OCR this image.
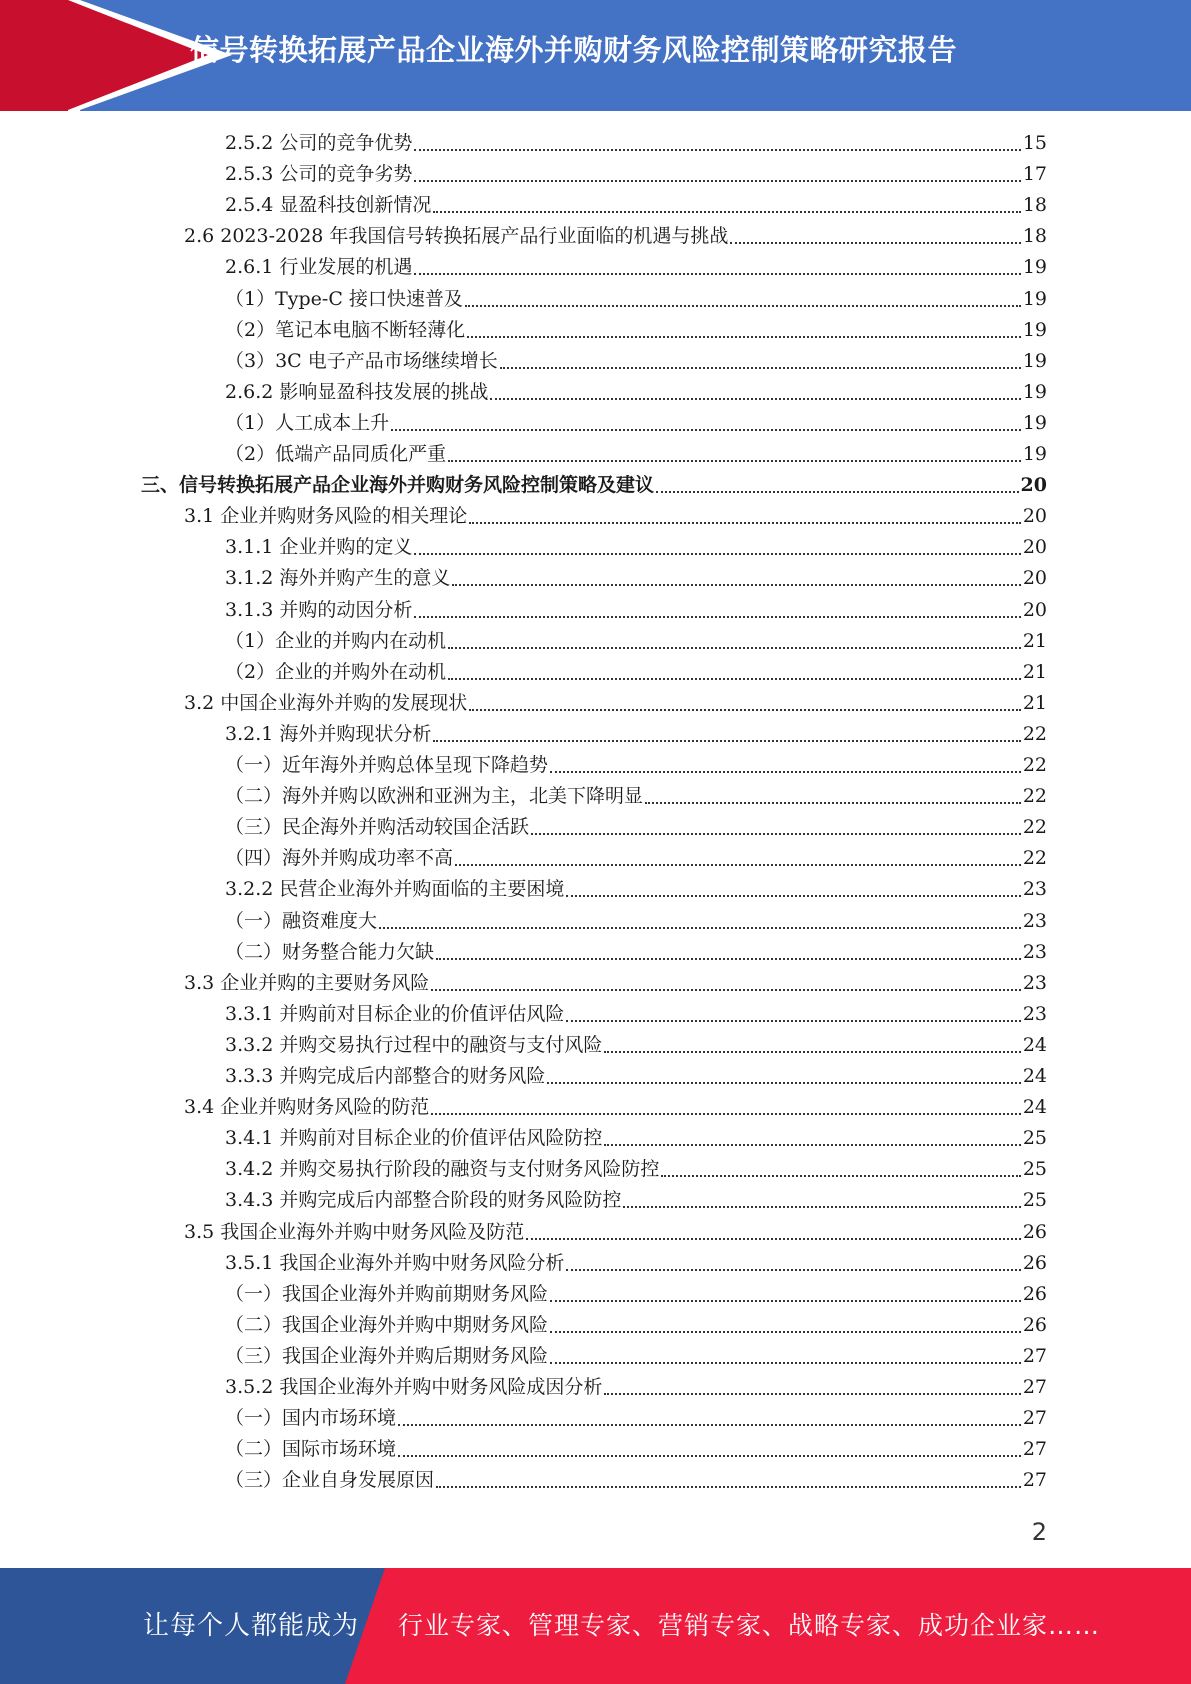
信号转换拓展产品企业海外并购财务风险控制策略研究报告
2.5.2 公司的竞争优势	15
2.5.3 公司的竞争劣势	17
2.5.4 显盈科技创新情况	18
2.6 2023-2028 年我国信号转换拓展产品行业面临的机遇与挑战	18
2.6.1 行业发展的机遇	19
（1）Type-C 接口快速普及	19
（2）笔记本电脑不断轻薄化	19
（3）3C 电子产品市场继续增长	19
2.6.2 影响显盈科技发展的挑战	19
（1）人工成本上升	19
（2）低端产品同质化严重	19
三、信号转换拓展产品企业海外并购财务风险控制策略及建议	20
3.1 企业并购财务风险的相关理论	20
3.1.1 企业并购的定义	20
3.1.2 海外并购产生的意义	20
3.1.3 并购的动因分析	20
（1）企业的并购内在动机	21
（2）企业的并购外在动机	21
3.2 中国企业海外并购的发展现状	21
3.2.1 海外并购现状分析	22
（一）近年海外并购总体呈现下降趋势	22
（二）海外并购以欧洲和亚洲为主，北美下降明显	22
（三）民企海外并购活动较国企活跃	22
（四）海外并购成功率不高	22
3.2.2 民营企业海外并购面临的主要困境	23
（一）融资难度大	23
（二）财务整合能力欠缺	23
3.3 企业并购的主要财务风险	23
3.3.1 并购前对目标企业的价值评估风险	23
3.3.2 并购交易执行过程中的融资与支付风险	24
3.3.3 并购完成后内部整合的财务风险	24
3.4 企业并购财务风险的防范	24
3.4.1 并购前对目标企业的价值评估风险防控	25
3.4.2 并购交易执行阶段的融资与支付财务风险防控	25
3.4.3 并购完成后内部整合阶段的财务风险防控	25
3.5 我国企业海外并购中财务风险及防范	26
3.5.1 我国企业海外并购中财务风险分析	26
（一）我国企业海外并购前期财务风险	26
（二）我国企业海外并购中期财务风险	26
（三）我国企业海外并购后期财务风险	27
3.5.2 我国企业海外并购中财务风险成因分析	27
（一）国内市场环境	27
（二）国际市场环境	27
（三）企业自身发展原因	27
2
让每个人都能成为 行业专家、管理专家、营销专家、战略专家、成功企业家……
